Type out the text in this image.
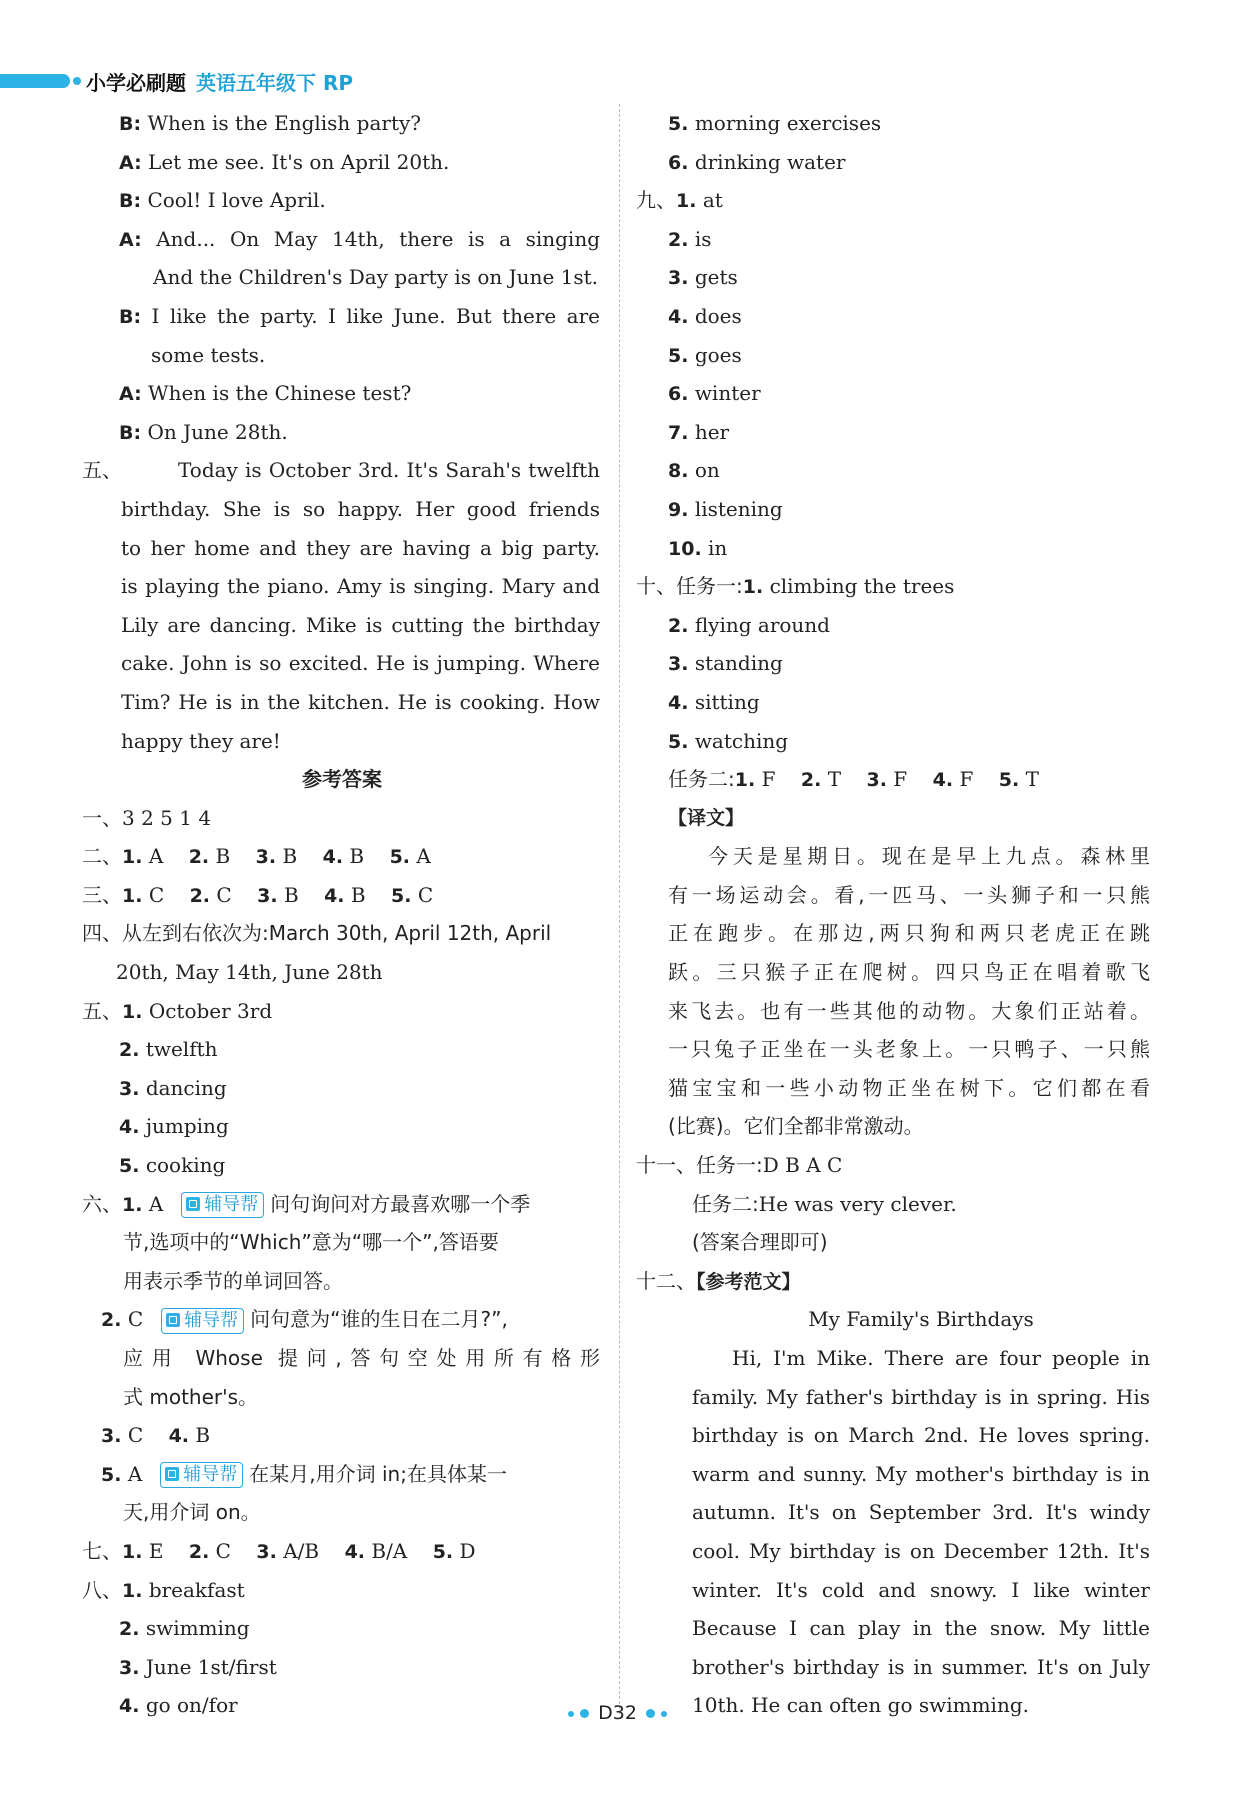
小学必刷题 英语五年级下 RP
B: When is the English party?
A: Let me see. It's on April 20th.
B: Cool! I love April.
A: And... On May 14th, there is a singing
And the Children's Day party is on June 1st.
B: I like the party. I like June. But there are
some tests.
A: When is the Chinese test?
B: On June 28th.
五、	Today is October 3rd. It's Sarah's twelfth
birthday. She is so happy. Her good friends
to her home and they are having a big party.
is playing the piano. Amy is singing. Mary and
Lily are dancing. Mike is cutting the birthday
cake. John is so excited. He is jumping. Where
Tim? He is in the kitchen. He is cooking. How
happy they are!
参考答案
一、3 2 5 1 4
二、1. A 2. B 3. B 4. B 5. A
三、1. C 2. C 3. B 4. B 5. C
四、从左到右依次为:March 30th, April 12th, April
20th, May 14th, June 28th
五、1. October 3rd
2. twelfth
3. dancing
4. jumping
5. cooking
六、1. A 辅导帮 问句询问对方最喜欢哪一个季
节,选项中的“Which”意为“哪一个”,答语要
用表示季节的单词回答。
2. C 辅导帮 问句意为“谁的生日在二月?”,
应用 Whose 提问,答句空处用所有格形
式 mother's。
3. C 4. B
5. A 辅导帮 在某月,用介词 in;在具体某一
天,用介词 on。
七、1. E 2. C 3. A/B 4. B/A 5. D
八、1. breakfast
2. swimming
3. June 1st/first
4. go on/for
5. morning exercises
6. drinking water
九、1. at
2. is
3. gets
4. does
5. goes
6. winter
7. her
8. on
9. listening
10. in
十、任务一:1. climbing the trees
2. flying around
3. standing
4. sitting
5. watching
任务二:1. F 2. T 3. F 4. F 5. T
【译文】
今天是星期日。现在是早上九点。森林里
有一场运动会。看,一匹马、一头狮子和一只熊
正在跑步。在那边,两只狗和两只老虎正在跳
跃。三只猴子正在爬树。四只鸟正在唱着歌飞
来飞去。也有一些其他的动物。大象们正站着。
一只兔子正坐在一头老象上。一只鸭子、一只熊
猫宝宝和一些小动物正坐在树下。它们都在看
(比赛)。它们全都非常激动。
十一、任务一:D B A C
任务二:He was very clever.
(答案合理即可)
十二、【参考范文】
My Family's Birthdays
Hi, I'm Mike. There are four people in
family. My father's birthday is in spring. His
birthday is on March 2nd. He loves spring.
warm and sunny. My mother's birthday is in
autumn. It's on September 3rd. It's windy
cool. My birthday is on December 12th. It's
winter. It's cold and snowy. I like winter
Because I can play in the snow. My little
brother's birthday is in summer. It's on July
10th. He can often go swimming.
D32
